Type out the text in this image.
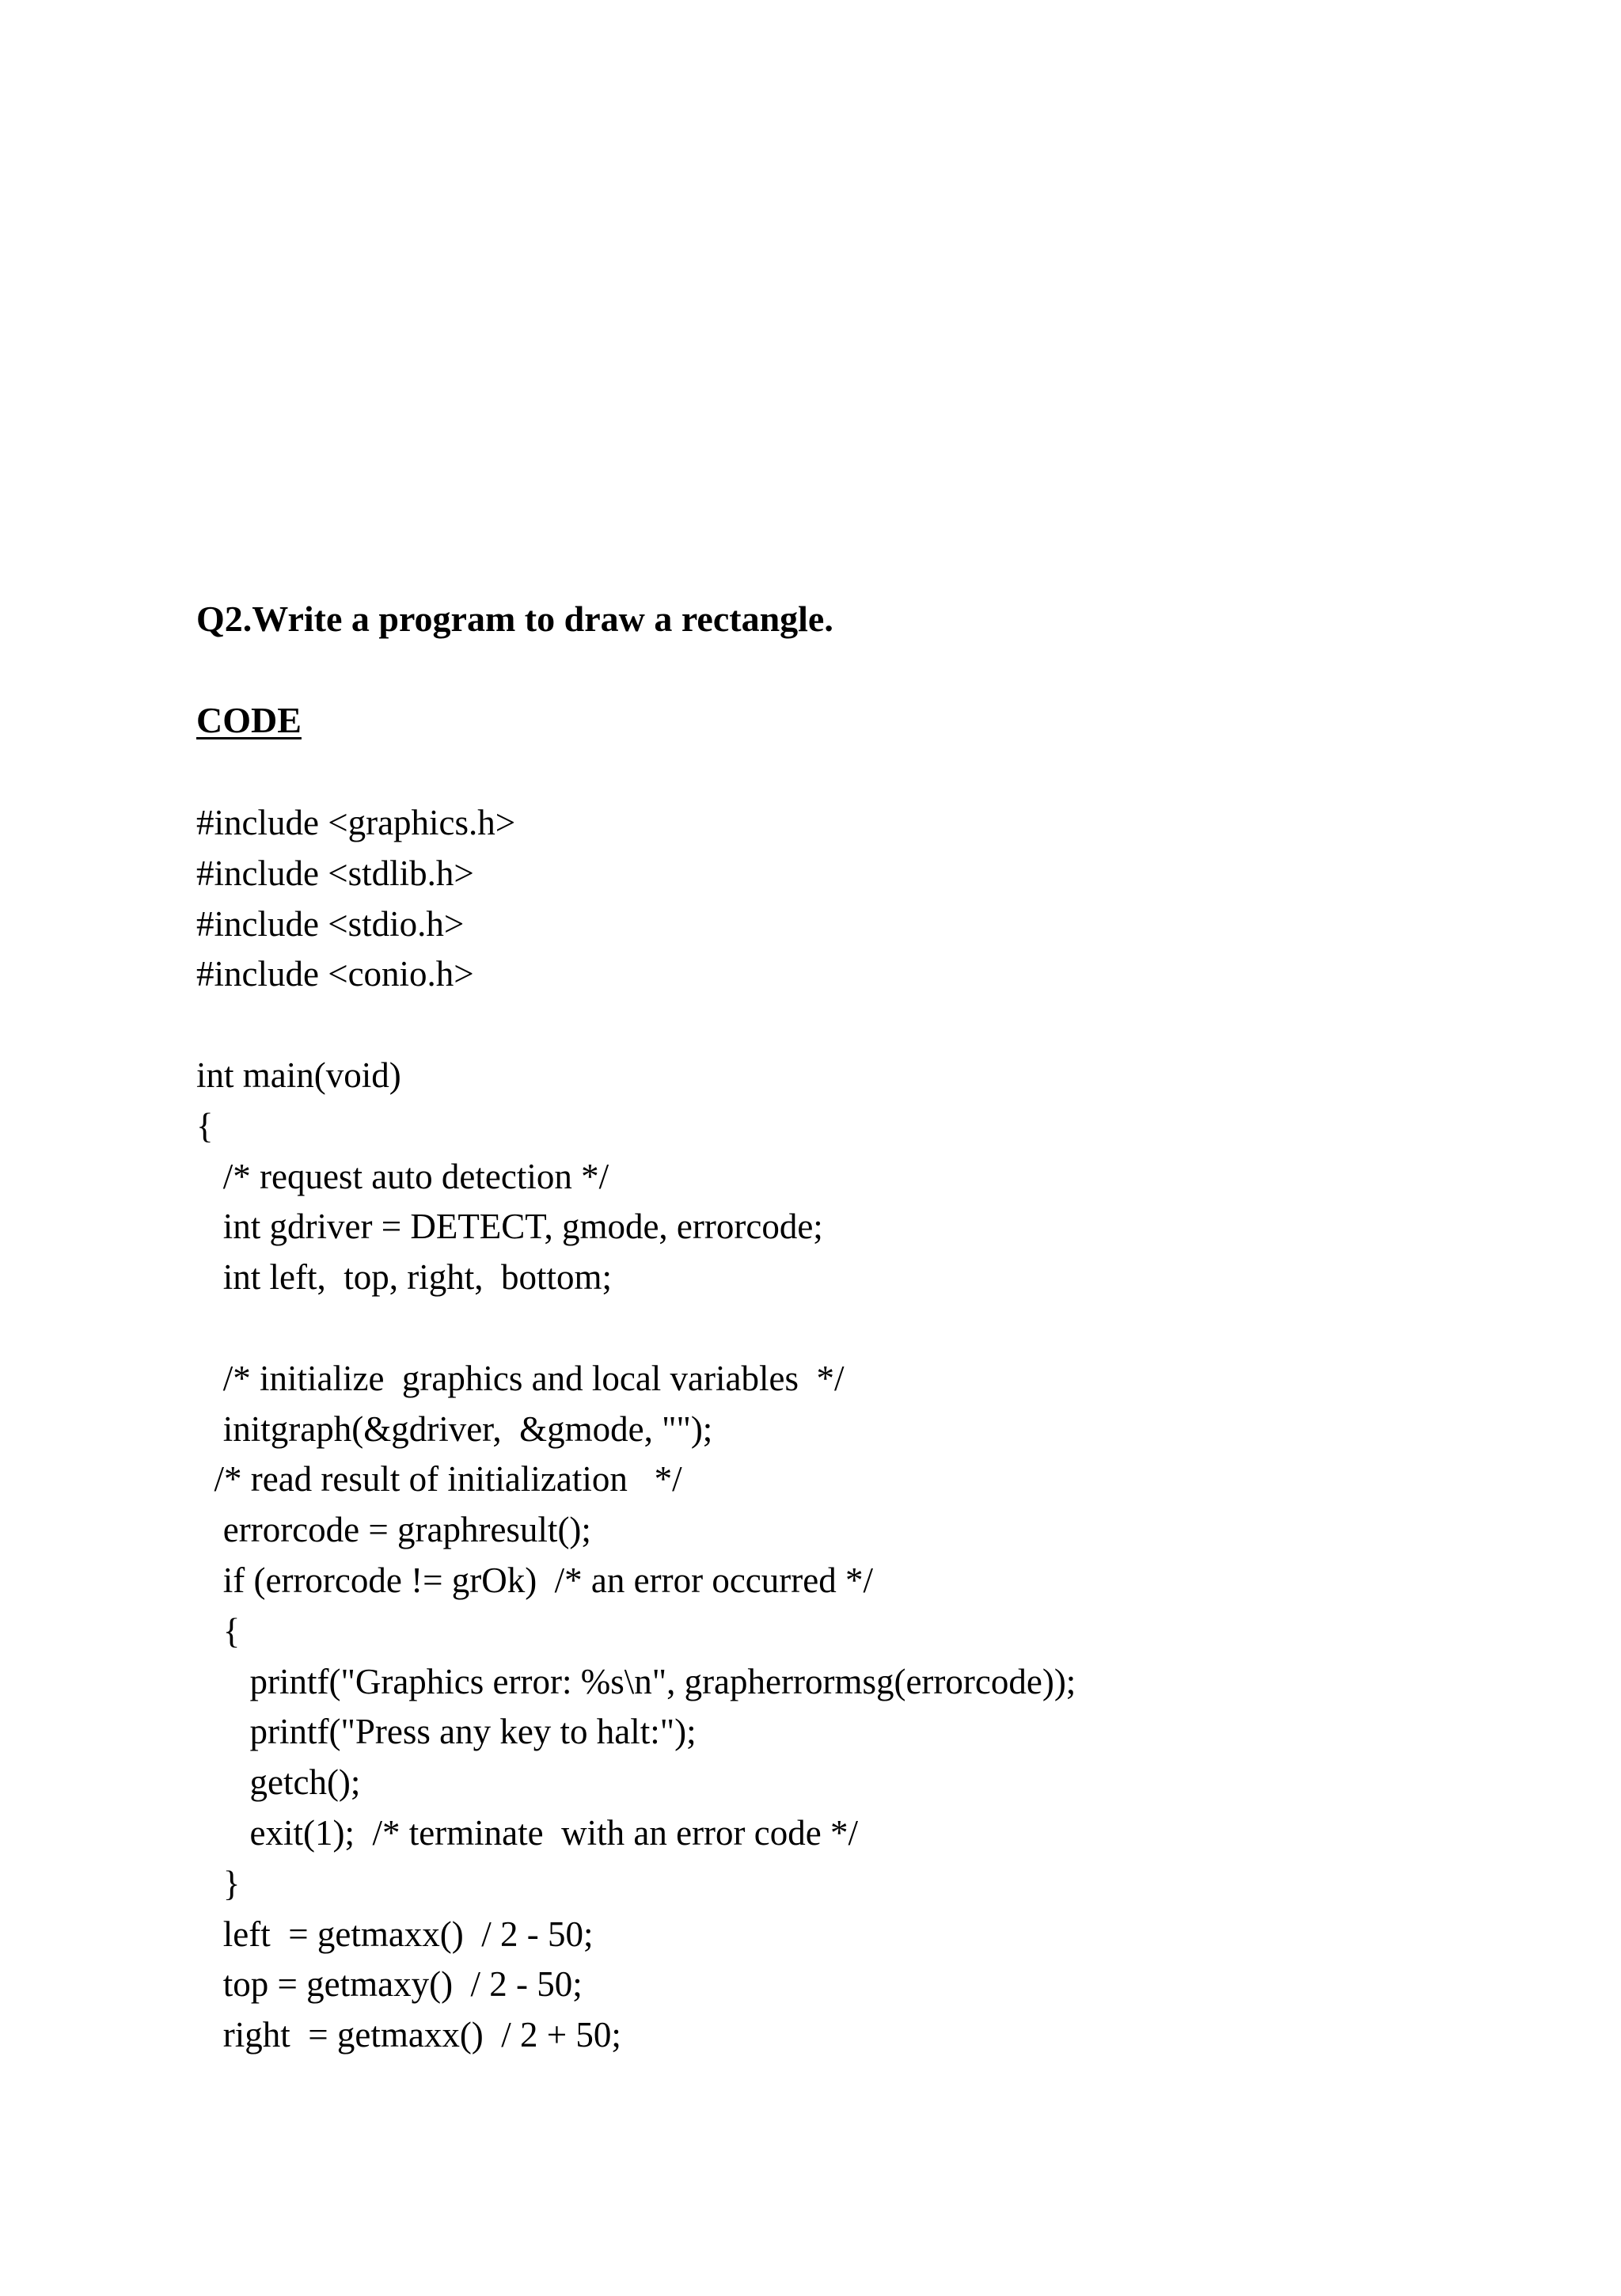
Q2.Write a program to draw a rectangle.
CODE
#include <graphics.h>
#include <stdlib.h>
#include <stdio.h>
#include <conio.h>
int main(void)
{
/* request auto detection */
int gdriver = DETECT, gmode, errorcode;
int left,  top, right,  bottom;
/* initialize  graphics and local variables  */
initgraph(&gdriver,  &gmode, "");
/* read result of initialization   */
errorcode = graphresult();
if (errorcode != grOk)  /* an error occurred */
{
printf("Graphics error: %s\n", grapherrormsg(errorcode));
printf("Press any key to halt:");
getch();
exit(1);  /* terminate  with an error code */
}
left  = getmaxx()  / 2 - 50;
top = getmaxy()  / 2 - 50;
right  = getmaxx()  / 2 + 50;
